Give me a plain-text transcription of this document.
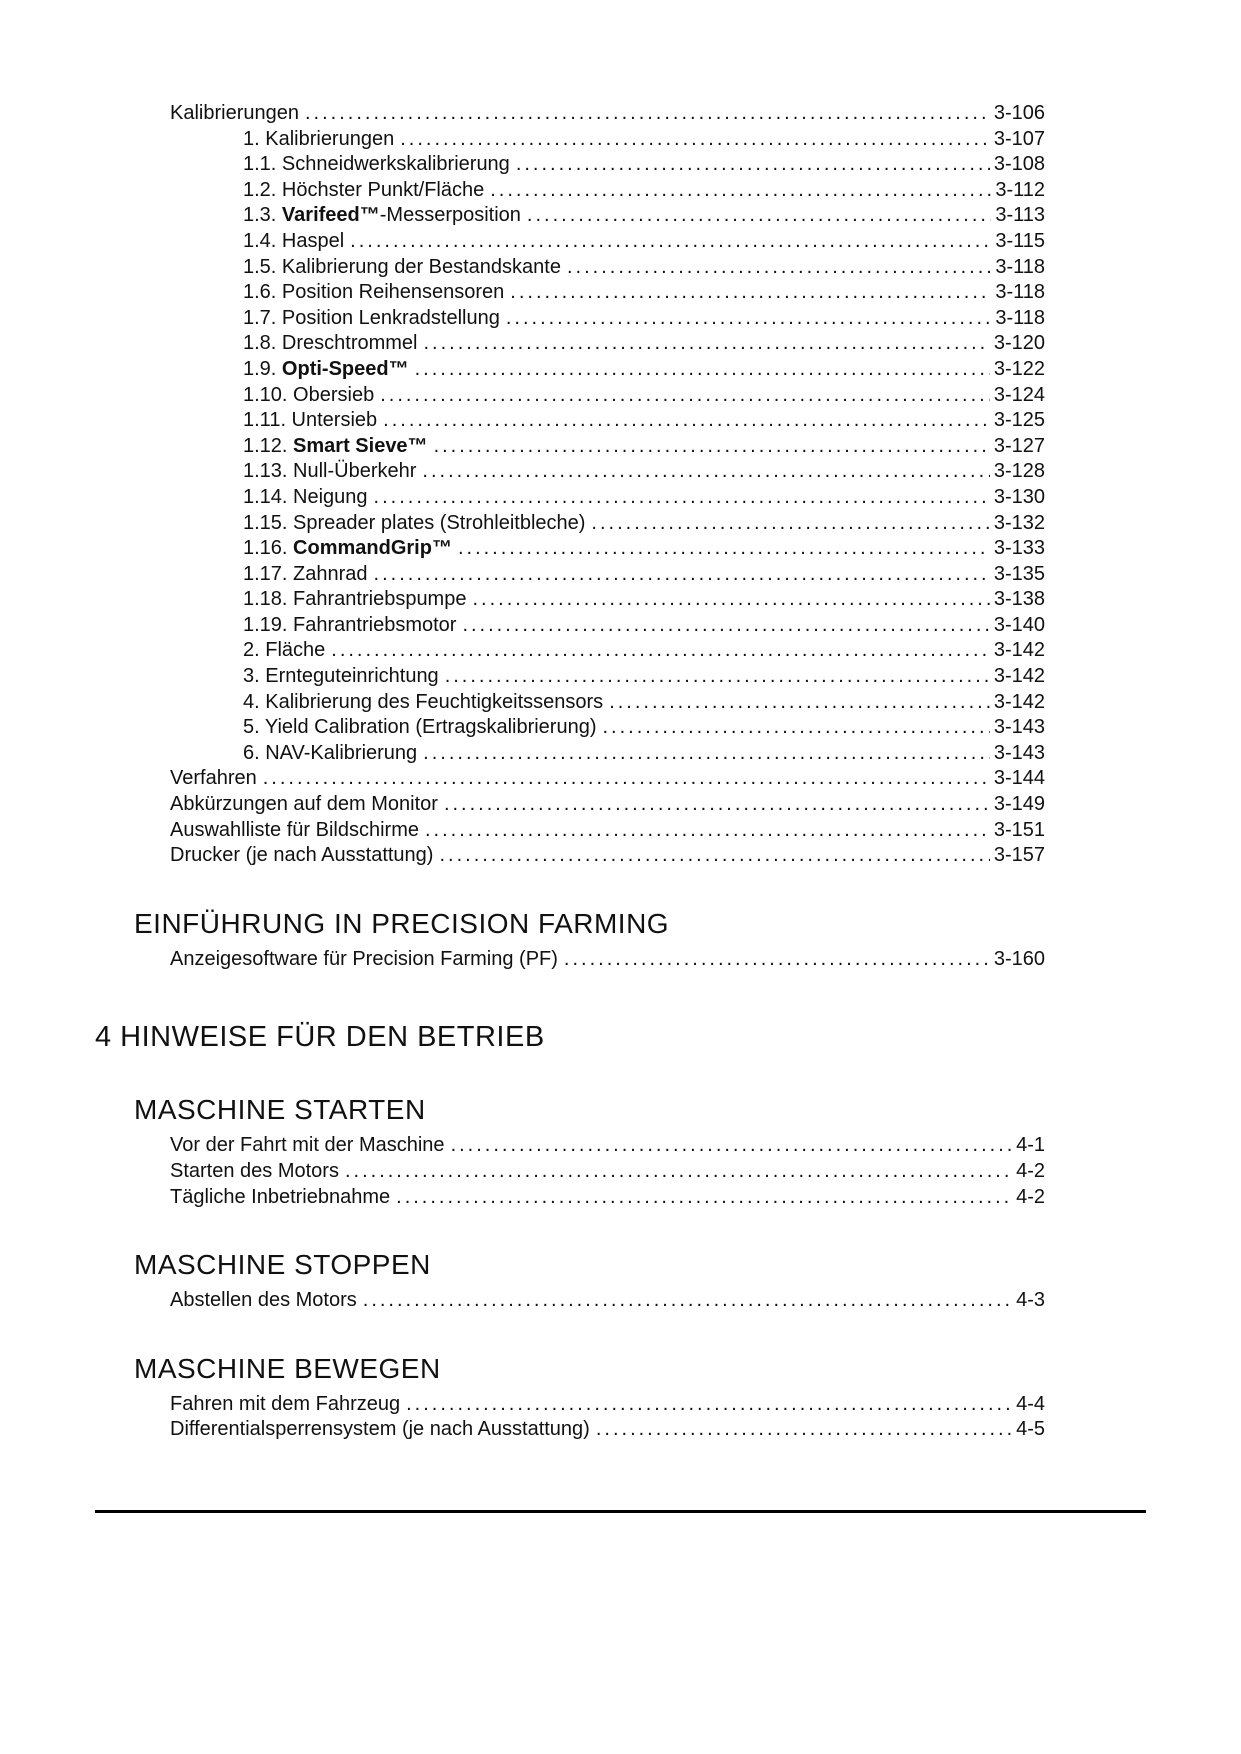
Kalibrierungen .....	3-106
1. Kalibrierungen .....	3-107
1.1. Schneidwerkskalibrierung .....	3-108
1.2. Höchster Punkt/Fläche .....	3-112
1.3. Varifeed™-Messerposition .....	3-113
1.4. Haspel .....	3-115
1.5. Kalibrierung der Bestandskante .....	3-118
1.6. Position Reihensensoren .....	3-118
1.7. Position Lenkradstellung .....	3-118
1.8. Dreschtrommel .....	3-120
1.9. Opti-Speed™ .....	3-122
1.10. Obersieb .....	3-124
1.11. Untersieb .....	3-125
1.12. Smart Sieve™ .....	3-127
1.13. Null-Überkehr .....	3-128
1.14. Neigung .....	3-130
1.15. Spreader plates (Strohleitbleche) .....	3-132
1.16. CommandGrip™ .....	3-133
1.17. Zahnrad .....	3-135
1.18. Fahrantriebspumpe .....	3-138
1.19. Fahrantriebsmotor .....	3-140
2. Fläche .....	3-142
3. Ernteguteinrichtung .....	3-142
4. Kalibrierung des Feuchtigkeitssensors .....	3-142
5. Yield Calibration (Ertragskalibrierung) .....	3-143
6. NAV-Kalibrierung .....	3-143
Verfahren .....	3-144
Abkürzungen auf dem Monitor .....	3-149
Auswahlliste für Bildschirme .....	3-151
Drucker (je nach Ausstattung) .....	3-157
EINFÜHRUNG IN PRECISION FARMING
Anzeigesoftware für Precision Farming (PF) .....	3-160
4 HINWEISE FÜR DEN BETRIEB
MASCHINE STARTEN
Vor der Fahrt mit der Maschine .....	4-1
Starten des Motors .....	4-2
Tägliche Inbetriebnahme .....	4-2
MASCHINE STOPPEN
Abstellen des Motors .....	4-3
MASCHINE BEWEGEN
Fahren mit dem Fahrzeug .....	4-4
Differentialsperrensystem (je nach Ausstattung) .....	4-5
